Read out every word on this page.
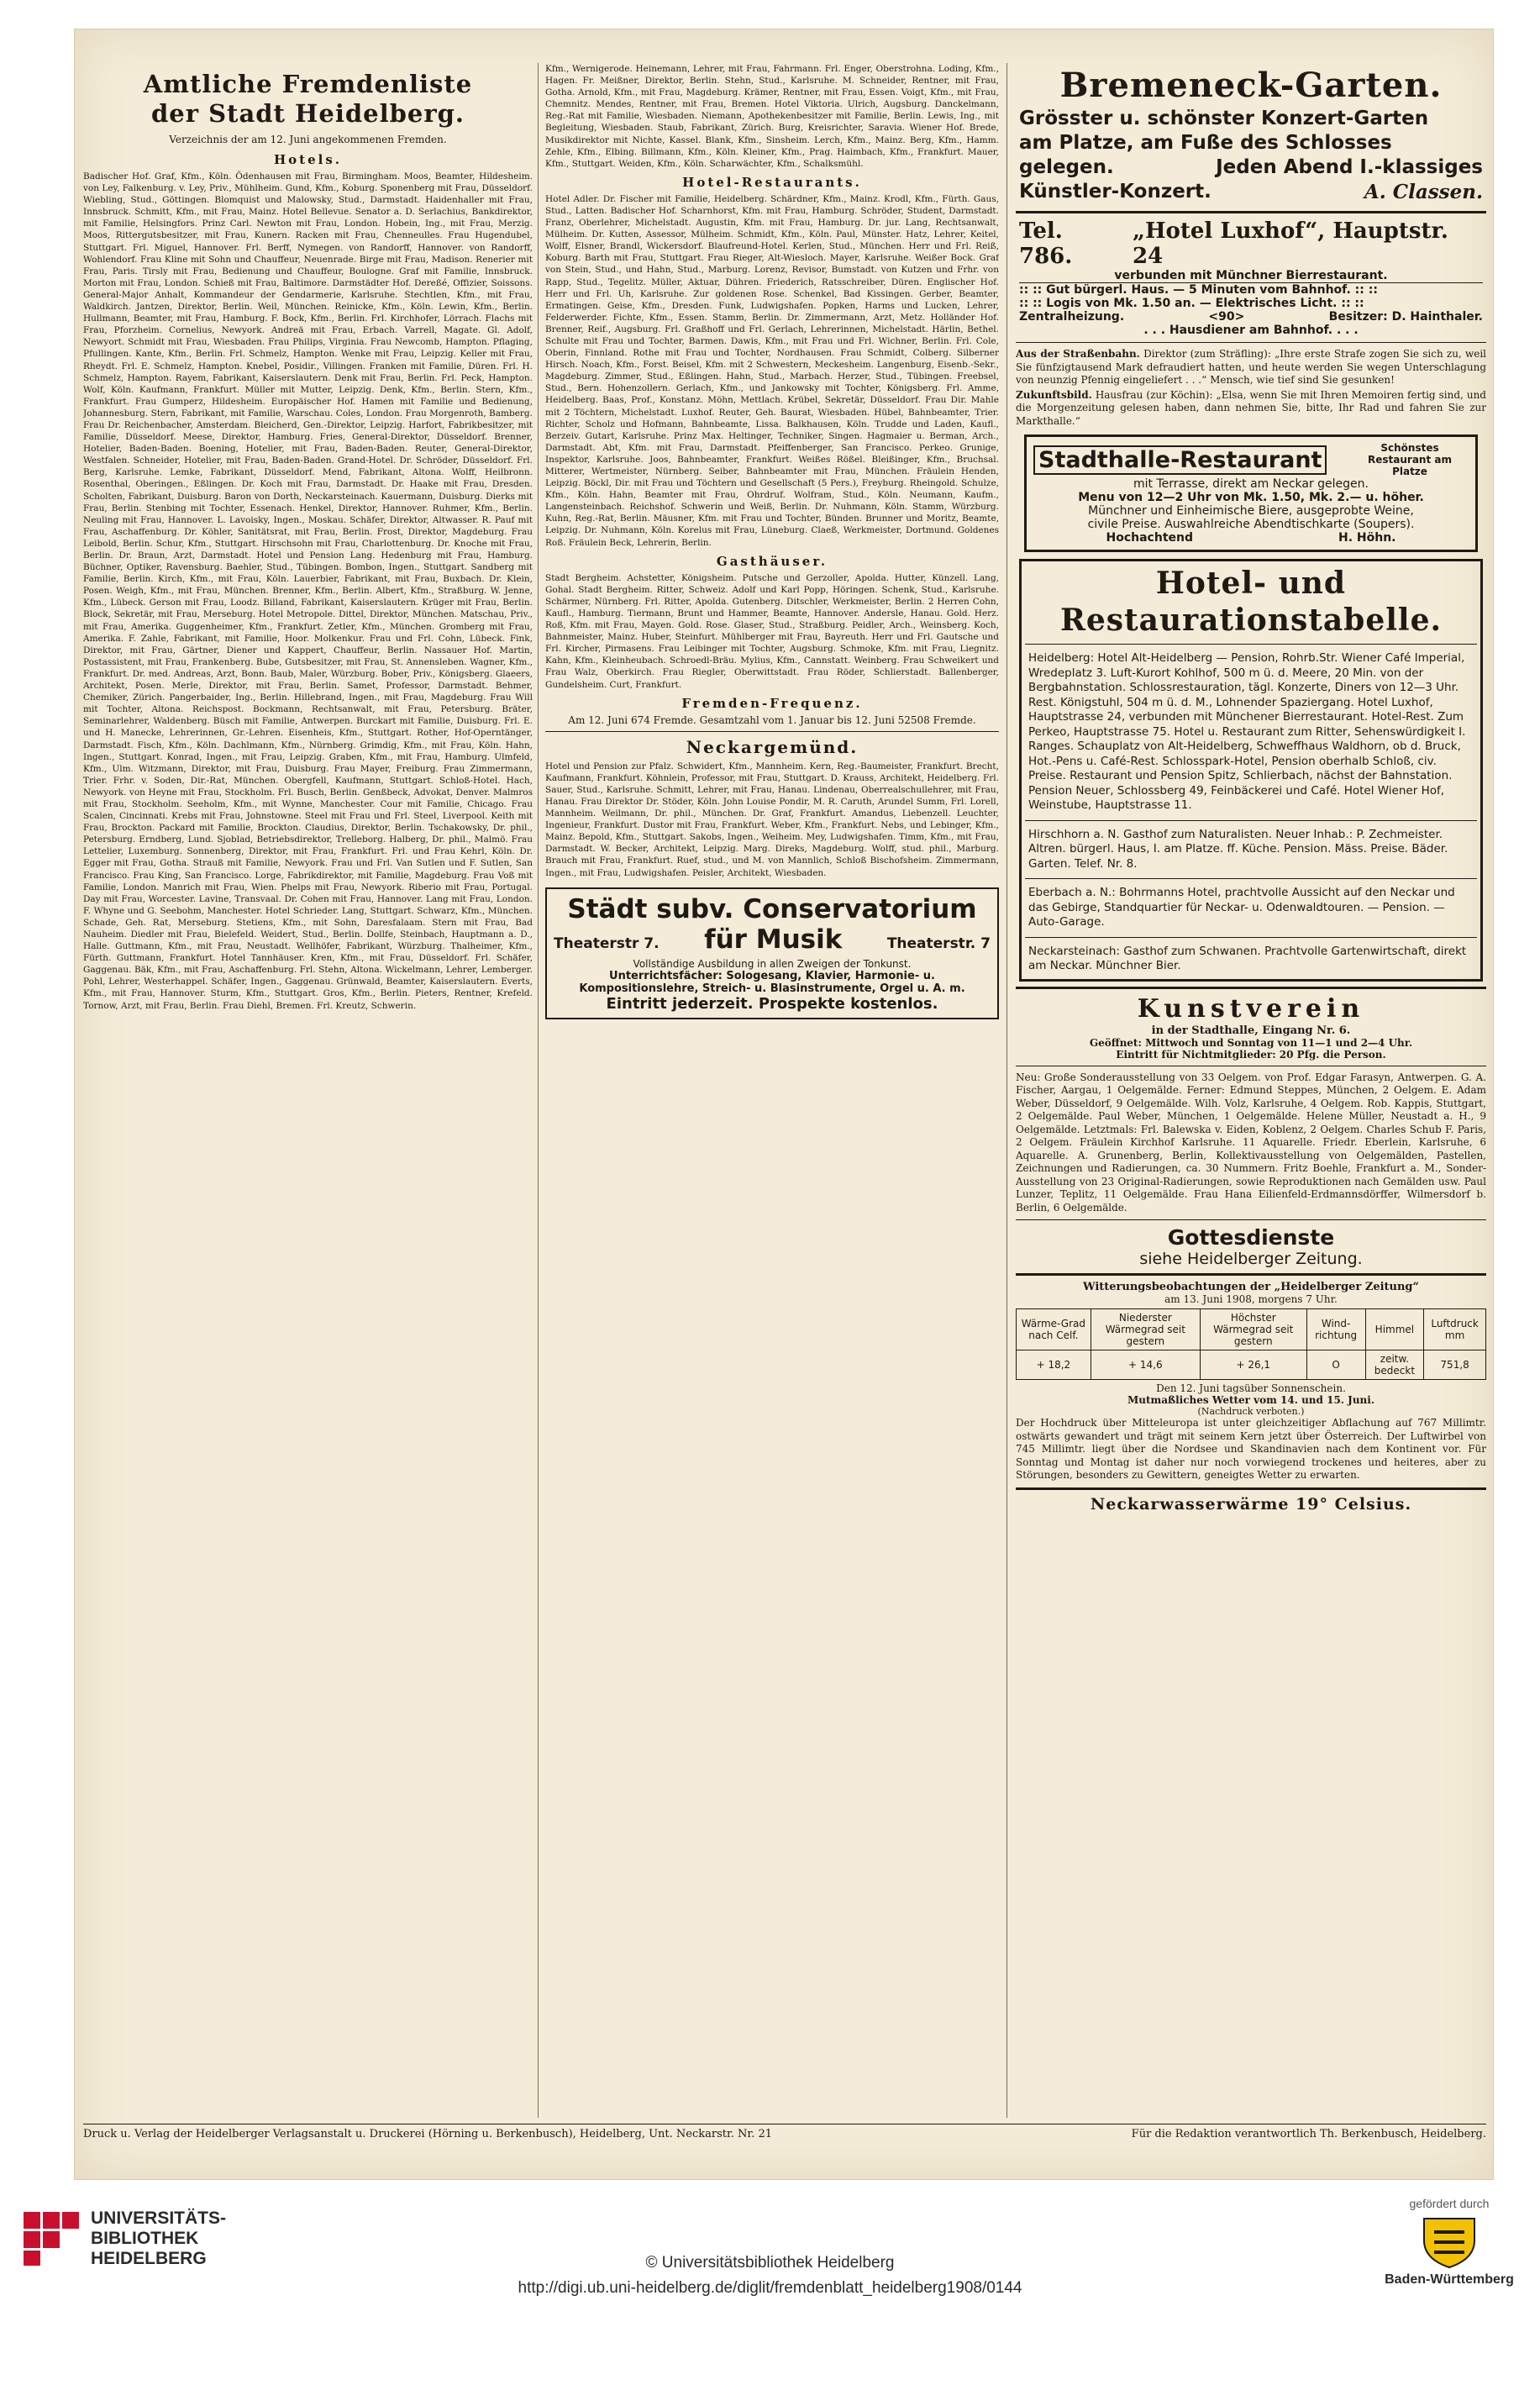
Amtliche Fremdenliste
der Stadt Heidelberg.
Verzeichnis der am 12. Juni angekommenen Fremden.
Hotels.
Badischer Hof. Graf, Kfm., Köln. Ödenhausen mit Frau, Birmingham. Moos, Beamter, Hildesheim. von Ley, Falkenburg. v. Ley, Priv., Mühlheim. Gund, Kfm., Koburg. Sponenberg mit Frau, Düsseldorf. Wiebling, Stud., Göttingen. Blomquist und Malowsky, Stud., Darmstadt. Haidenhaller mit Frau, Innsbruck. Schmitt, Kfm., mit Frau, Mainz. Hotel Bellevue. Senator a. D. Serlachius, Bankdirektor, mit Familie, Helsingfors. Prinz Carl. Newton mit Frau, London. Hobein, Ing., mit Frau, Merzig. Moos, Rittergutsbesitzer, mit Frau, Kunern. Racken mit Frau, Chenneulles. Frau Hugendubel, Stuttgart. Frl. Miguel, Hannover. Frl. Berff, Nymegen. von Randorff, Hannover. von Randorff, Wohlendorf. Frau Kline mit Sohn und Chauffeur, Neuenrade. Birge mit Frau, Madison. Renerier mit Frau, Paris. Tirsly mit Frau, Bedienung und Chauffeur, Boulogne. Graf mit Familie, Innsbruck. Morton mit Frau, London. Schieß mit Frau, Baltimore. Darmstädter Hof. Dereßé, Offizier, Soissons. General-Major Anhalt, Kommandeur der Gendarmerie, Karlsruhe. Stechtlen, Kfm., mit Frau, Waldkirch. Jantzen, Direktor, Berlin. Weil, München. Reinicke, Kfm., Köln. Lewin, Kfm., Berlin. Hullmann, Beamter, mit Frau, Hamburg. F. Bock, Kfm., Berlin. Frl. Kirchhofer, Lörrach. Flachs mit Frau, Pforzheim. Cornelius, Newyork. Andreä mit Frau, Erbach. Varrell, Magate. Gl. Adolf, Newyort. Schmidt mit Frau, Wiesbaden. Frau Philips, Virginia. Frau Newcomb, Hampton. Pflaging, Pfullingen. Kante, Kfm., Berlin. Frl. Schmelz, Hampton. Wenke mit Frau, Leipzig. Keller mit Frau, Rheydt. Frl. E. Schmelz, Hampton. Knebel, Posidir., Villingen. Franken mit Familie, Düren. Frl. H. Schmelz, Hampton. Rayem, Fabrikant, Kaiserslautern. Denk mit Frau, Berlin. Frl. Peck, Hampton. Wolf, Köln. Kaufmann, Frankfurt. Müller mit Mutter, Leipzig. Denk, Kfm., Berlin. Stern, Kfm., Frankfurt. Frau Gumperz, Hildesheim. Europäischer Hof. Hamen mit Familie und Bedienung, Johannesburg. Stern, Fabrikant, mit Familie, Warschau. Coles, London. Frau Morgenroth, Bamberg. Frau Dr. Reichenbacher, Amsterdam. Bleicherd, Gen.-Direktor, Leipzig. Harfort, Fabrikbesitzer, mit Familie, Düsseldorf. Meese, Direktor, Hamburg. Fries, General-Direktor, Düsseldorf. Brenner, Hotelier, Baden-Baden. Boening, Hotelier, mit Frau, Baden-Baden. Reuter, General-Direktor, Westfalen. Schneider, Hotelier, mit Frau, Baden-Baden. Grand-Hotel. Dr. Schröder, Düsseldorf. Frl. Berg, Karlsruhe. Lemke, Fabrikant, Düsseldorf. Mend, Fabrikant, Altona. Wolff, Heilbronn. Rosenthal, Oberingen., Eßlingen. Dr. Koch mit Frau, Darmstadt. Dr. Haake mit Frau, Dresden. Scholten, Fabrikant, Duisburg. Baron von Dorth, Neckarsteinach. Kauermann, Duisburg. Dierks mit Frau, Berlin. Stenbing mit Tochter, Essenach. Henkel, Direktor, Hannover. Ruhmer, Kfm., Berlin. Neuling mit Frau, Hannover. L. Lavoisky, Ingen., Moskau. Schäfer, Direktor, Altwasser. R. Pauf mit Frau, Aschaffenburg. Dr. Köhler, Sanitätsrat, mit Frau, Berlin. Frost, Direktor, Magdeburg. Frau Leibold, Berlin. Schur, Kfm., Stuttgart. Hirschsohn mit Frau, Charlottenburg. Dr. Knoche mit Frau, Berlin. Dr. Braun, Arzt, Darmstadt. Hotel und Pension Lang. Hedenburg mit Frau, Hamburg. Büchner, Optiker, Ravensburg. Baehler, Stud., Tübingen. Bombon, Ingen., Stuttgart. Sandberg mit Familie, Berlin. Kirch, Kfm., mit Frau, Köln. Lauerbier, Fabrikant, mit Frau, Buxbach. Dr. Klein, Posen. Weigh, Kfm., mit Frau, München. Brenner, Kfm., Berlin. Albert, Kfm., Straßburg. W. Jenne, Kfm., Lübeck. Gerson mit Frau, Loodz. Billand, Fabrikant, Kaiserslautern. Krüger mit Frau, Berlin. Block, Sekretär, mit Frau, Merseburg. Hotel Metropole. Dittel, Direktor, München. Matschau, Priv., mit Frau, Amerika. Guggenheimer, Kfm., Frankfurt. Zetler, Kfm., München. Gromberg mit Frau, Amerika. F. Zahle, Fabrikant, mit Familie, Hoor. Molkenkur. Frau und Frl. Cohn, Lübeck. Fink, Direktor, mit Frau, Gärtner, Diener und Kappert, Chauffeur, Berlin. Nassauer Hof. Martin, Postassistent, mit Frau, Frankenberg. Bube, Gutsbesitzer, mit Frau, St. Annensleben. Wagner, Kfm., Frankfurt. Dr. med. Andreas, Arzt, Bonn. Baub, Maler, Würzburg. Bober, Priv., Königsberg. Glaeers, Architekt, Posen. Merle, Direktor, mit Frau, Berlin. Samet, Professor, Darmstadt. Behmer, Chemiker, Zürich. Pangerbaider, Ing., Berlin. Hillebrand, Ingen., mit Frau, Magdeburg. Frau Will mit Tochter, Altona. Reichspost. Bockmann, Rechtsanwalt, mit Frau, Petersburg. Bräter, Seminarlehrer, Waldenberg. Büsch mit Familie, Antwerpen. Burckart mit Familie, Duisburg. Frl. E. und H. Manecke, Lehrerinnen, Gr.-Lehren. Eisenheis, Kfm., Stuttgart. Rother, Hof-Operntänger, Darmstadt. Fisch, Kfm., Köln. Dachlmann, Kfm., Nürnberg. Grimdig, Kfm., mit Frau, Köln. Hahn, Ingen., Stuttgart. Konrad, Ingen., mit Frau, Leipzig. Graben, Kfm., mit Frau, Hamburg. Ulmfeld, Kfm., Ulm. Witzmann, Direktor, mit Frau, Duisburg. Frau Mayer, Freiburg. Frau Zimmermann, Trier. Frhr. v. Soden, Dir.-Rat, München. Obergfell, Kaufmann, Stuttgart. Schloß-Hotel. Hach, Newyork. von Heyne mit Frau, Stockholm. Frl. Busch, Berlin. Genßbeck, Advokat, Denver. Malmros mit Frau, Stockholm. Seeholm, Kfm., mit Wynne, Manchester. Cour mit Familie, Chicago. Frau Scalen, Cincinnati. Krebs mit Frau, Johnstowne. Steel mit Frau und Frl. Steel, Liverpool. Keith mit Frau, Brockton. Packard mit Familie, Brockton. Claudius, Direktor, Berlin. Tschakowsky, Dr. phil., Petersburg. Erndberg, Lund. Sjoblad, Betriebsdirektor, Trelleborg. Halberg, Dr. phil., Malmö. Frau Lettelier, Luxemburg. Sonnenberg, Direktor, mit Frau, Frankfurt. Frl. und Frau Kehrl, Köln. Dr. Egger mit Frau, Gotha. Strauß mit Familie, Newyork. Frau und Frl. Van Sutlen und F. Sutlen, San Francisco. Frau King, San Francisco. Lorge, Fabrikdirektor, mit Familie, Magdeburg. Frau Voß mit Familie, London. Manrich mit Frau, Wien. Phelps mit Frau, Newyork. Riberio mit Frau, Portugal. Day mit Frau, Worcester. Lavine, Transvaal. Dr. Cohen mit Frau, Hannover. Lang mit Frau, London. F. Whyne und G. Seebohm, Manchester. Hotel Schrieder. Lang, Stuttgart. Schwarz, Kfm., München. Schade, Geh. Rat, Merseburg. Stetiens, Kfm., mit Sohn, Daresfalaam. Stern mit Frau, Bad Nauheim. Diedler mit Frau, Bielefeld. Weidert, Stud., Berlin. Dollfe, Steinbach, Hauptmann a. D., Halle. Guttmann, Kfm., mit Frau, Neustadt. Wellhöfer, Fabrikant, Würzburg. Thalheimer, Kfm., Fürth. Guttmann, Frankfurt. Hotel Tannhäuser. Kren, Kfm., mit Frau, Düsseldorf. Frl. Schäfer, Gaggenau. Bäk, Kfm., mit Frau, Aschaffenburg. Frl. Stehn, Altona. Wickelmann, Lehrer, Lemberger. Pohl, Lehrer, Westerhappel. Schäfer, Ingen., Gaggenau. Grünwald, Beamter, Kaiserslautern. Everts, Kfm., mit Frau, Hannover. Sturm, Kfm., Stuttgart. Gros, Kfm., Berlin. Pieters, Rentner, Krefeld. Tornow, Arzt, mit Frau, Berlin. Frau Diehl, Bremen. Frl. Kreutz, Schwerin.
Kfm., Wernigerode. Heinemann, Lehrer, mit Frau, Fahrmann. Frl. Enger, Oberstrohna. Loding, Kfm., Hagen. Fr. Meißner, Direktor, Berlin. Stehn, Stud., Karlsruhe. M. Schneider, Rentner, mit Frau, Gotha. Arnold, Kfm., mit Frau, Magdeburg. Krämer, Rentner, mit Frau, Essen. Voigt, Kfm., mit Frau, Chemnitz. Mendes, Rentner, mit Frau, Bremen. Hotel Viktoria. Ulrich, Augsburg. Danckelmann, Reg.-Rat mit Familie, Wiesbaden. Niemann, Apothekenbesitzer mit Familie, Berlin. Lewis, Ing., mit Begleitung, Wiesbaden. Staub, Fabrikant, Zürich. Burg, Kreisrichter, Saravia. Wiener Hof. Brede, Musikdirektor mit Nichte, Kassel. Blank, Kfm., Sinsheim. Lerch, Kfm., Mainz. Berg, Kfm., Hamm. Zehle, Kfm., Elbing. Billmann, Kfm., Köln. Kleiner, Kfm., Prag. Haimbach, Kfm., Frankfurt. Mauer, Kfm., Stuttgart. Weiden, Kfm., Köln. Scharwächter, Kfm., Schalksmühl.
Hotel-Restaurants.
Hotel Adler. Dr. Fischer mit Familie, Heidelberg. Schärdner, Kfm., Mainz. Krodl, Kfm., Fürth. Gaus, Stud., Latten. Badischer Hof. Scharnhorst, Kfm. mit Frau, Hamburg. Schröder, Student, Darmstadt. Franz, Oberlehrer, Michelstadt. Augustin, Kfm. mit Frau, Hamburg. Dr. jur. Lang, Rechtsanwalt, Mülheim. Dr. Kutten, Assessor, Mülheim. Schmidt, Kfm., Köln. Paul, Münster. Hatz, Lehrer, Keitel, Wolff, Elsner, Brandl, Wickersdorf. Blaufreund-Hotel. Kerlen, Stud., München. Herr und Frl. Reiß, Koburg. Barth mit Frau, Stuttgart. Frau Rieger, Alt-Wiesloch. Mayer, Karlsruhe. Weißer Bock. Graf von Stein, Stud., und Hahn, Stud., Marburg. Lorenz, Revisor, Bumstadt. von Kutzen und Frhr. von Rapp, Stud., Tegelitz. Müller, Aktuar, Dühren. Friederich, Ratsschreiber, Düren. Englischer Hof. Herr und Frl. Uh, Karlsruhe. Zur goldenen Rose. Schenkel, Bad Kissingen. Gerber, Beamter, Ermatingen. Geise, Kfm., Dresden. Funk, Ludwigshafen. Popken, Harms und Lucken, Lehrer, Felderwerder. Fichte, Kfm., Essen. Stamm, Berlin. Dr. Zimmermann, Arzt, Metz. Holländer Hof. Brenner, Reif., Augsburg. Frl. Graßhoff und Frl. Gerlach, Lehrerinnen, Michelstadt. Härlin, Bethel. Schulte mit Frau und Tochter, Barmen. Dawis, Kfm., mit Frau und Frl. Wichner, Berlin. Frl. Cole, Oberin, Finnland. Rothe mit Frau und Tochter, Nordhausen. Frau Schmidt, Colberg. Silberner Hirsch. Noach, Kfm., Forst. Beisel, Kfm. mit 2 Schwestern, Meckesheim. Langenburg, Eisenb.-Sekr., Magdeburg. Zimmer, Stud., Eßlingen. Hahn, Stud., Marbach. Herzer, Stud., Tübingen. Freebsel, Stud., Bern. Hohenzollern. Gerlach, Kfm., und Jankowsky mit Tochter, Königsberg. Frl. Amme, Heidelberg. Baas, Prof., Konstanz. Möhn, Mettlach. Krübel, Sekretär, Düsseldorf. Frau Dir. Mahle mit 2 Töchtern, Michelstadt. Luxhof. Reuter, Geh. Baurat, Wiesbaden. Hübel, Bahnbeamter, Trier. Richter, Scholz und Hofmann, Bahnbeamte, Lissa. Balkhausen, Köln. Trudde und Laden, Kaufl., Berzeiv. Gutart, Karlsruhe. Prinz Max. Heltinger, Techniker, Singen. Hagmaier u. Berman, Arch., Darmstadt. Abt, Kfm. mit Frau, Darmstadt. Pfeiffenberger, San Francisco. Perkeo. Grunige, Inspektor, Karlsruhe. Joos, Bahnbeamter, Frankfurt. Weißes Rößel. Bleißinger, Kfm., Bruchsal. Mitterer, Wertmeister, Nürnberg. Seiber, Bahnbeamter mit Frau, München. Fräulein Henden, Leipzig. Böckl, Dir. mit Frau und Töchtern und Gesellschaft (5 Pers.), Freyburg. Rheingold. Schulze, Kfm., Köln. Hahn, Beamter mit Frau, Ohrdruf. Wolfram, Stud., Köln. Neumann, Kaufm., Langensteinbach. Reichshof. Schwerin und Weiß, Berlin. Dr. Nuhmann, Köln. Stamm, Würzburg. Kuhn, Reg.-Rat, Berlin. Mäusner, Kfm. mit Frau und Tochter, Bünden. Brunner und Moritz, Beamte, Leipzig. Dr. Nuhmann, Köln. Korelus mit Frau, Lüneburg. Claeß, Werkmeister, Dortmund. Goldenes Roß. Fräulein Beck, Lehrerin, Berlin.
Gasthäuser.
Stadt Bergheim. Achstetter, Königsheim. Putsche und Gerzoller, Apolda. Hutter, Künzell. Lang, Gohal. Stadt Bergheim. Ritter, Schweiz. Adolf und Karl Popp, Höringen. Schenk, Stud., Karlsruhe. Schärmer, Nürnberg. Frl. Ritter, Apolda. Gutenberg. Ditschler, Werkmeister, Berlin. 2 Herren Cohn, Kaufl., Hamburg. Tiermann, Brunt und Hammer, Beamte, Hannover. Andersle, Hanau. Gold. Herz. Roß, Kfm. mit Frau, Mayen. Gold. Rose. Glaser, Stud., Straßburg. Peidler, Arch., Weinsberg. Koch, Bahnmeister, Mainz. Huber, Steinfurt. Mühlberger mit Frau, Bayreuth. Herr und Frl. Gautsche und Frl. Kircher, Pirmasens. Frau Leibinger mit Tochter, Augsburg. Schmoke, Kfm. mit Frau, Liegnitz. Kahn, Kfm., Kleinheubach. Schroedl-Bräu. Mylius, Kfm., Cannstatt. Weinberg. Frau Schweikert und Frau Walz, Oberkirch. Frau Riegler, Oberwittstadt. Frau Röder, Schlierstadt. Ballenberger, Gundelsheim. Curt, Frankfurt.
Fremden-Frequenz.
Am 12. Juni 674 Fremde. Gesamtzahl vom 1. Januar bis 12. Juni 52508 Fremde.
Neckargemünd.
Hotel und Pension zur Pfalz. Schwidert, Kfm., Mannheim. Kern, Reg.-Baumeister, Frankfurt. Brecht, Kaufmann, Frankfurt. Köhnlein, Professor, mit Frau, Stuttgart. D. Krauss, Architekt, Heidelberg. Frl. Sauer, Stud., Karlsruhe. Schmitt, Lehrer, mit Frau, Hanau. Lindenau, Oberrealschullehrer, mit Frau, Hanau. Frau Direktor Dr. Stöder, Köln. John Louise Pondir, M. R. Caruth, Arundel Summ, Frl. Lorell, Mannheim. Weilmann, Dr. phil., München. Dr. Graf, Frankfurt. Amandus, Liebenzell. Leuchter, Ingenieur, Frankfurt. Dustor mit Frau, Frankfurt. Weber, Kfm., Frankfurt. Nebs, und Lebinger, Kfm., Mainz. Bepold, Kfm., Stuttgart. Sakobs, Ingen., Weiheim. Mey, Ludwigshafen. Timm, Kfm., mit Frau, Darmstadt. W. Becker, Architekt, Leipzig. Marg. Direks, Magdeburg. Wolff, stud. phil., Marburg. Brauch mit Frau, Frankfurt. Ruef, stud., und M. von Mannlich, Schloß Bischofsheim. Zimmermann, Ingen., mit Frau, Ludwigshafen. Peisler, Architekt, Wiesbaden.
Städt subv. Conservatorium
Theaterstr 7. für Musik	Theaterstr. 7
Vollständige Ausbildung in allen Zweigen der Tonkunst.
Unterrichtsfächer: Sologesang, Klavier, Harmonie- u. Kompositionslehre, Streich- u. Blasinstrumente, Orgel u. A. m.
Eintritt jederzeit. Prospekte kostenlos.
Bremeneck-Garten.
Grösster u. schönster Konzert-Garten
am Platze, am Fuße des Schlosses
gelegen.	Jeden Abend I.-klassiges
Künstler-Konzert.	A. Classen.
Tel. 786.
„Hotel Luxhof“, Hauptstr. 24
verbunden mit Münchner Bierrestaurant.
:: :: Gut bürgerl. Haus. — 5 Minuten vom Bahnhof. :: ::
:: :: Logis von Mk. 1.50 an. — Elektrisches Licht. :: ::
Zentralheizung.	<90>	Besitzer: D. Hainthaler.
. . . Hausdiener am Bahnhof. . . .
Aus der Straßenbahn. Direktor (zum Sträfling): „Ihre erste Strafe zogen Sie sich zu, weil Sie fünfzigtausend Mark defraudiert hatten, und heute werden Sie wegen Unterschlagung von neunzig Pfennig eingeliefert . . .“ Mensch, wie tief sind Sie gesunken!
Zukunftsbild. Hausfrau (zur Köchin): „Elsa, wenn Sie mit Ihren Memoiren fertig sind, und die Morgenzeitung gelesen haben, dann nehmen Sie, bitte, Ihr Rad und fahren Sie zur Markthalle.“
Stadthalle-Restaurant	Schönstes Restaurant am Platze
mit Terrasse, direkt am Neckar gelegen.
Menu von 12—2 Uhr von Mk. 1.50, Mk. 2.— u. höher.
Münchner und Einheimische Biere, ausgeprobte Weine,
civile Preise. Auswahlreiche Abendtischkarte (Soupers).
Hochachtend	H. Höhn.
Hotel- und
Restaurationstabelle.
Heidelberg: Hotel Alt-Heidelberg — Pension, Rohrb.Str. Wiener Café Imperial, Wredeplatz 3. Luft-Kurort Kohlhof, 500 m ü. d. Meere, 20 Min. von der Bergbahnstation. Schlossrestauration, tägl. Konzerte, Diners von 12—3 Uhr. Rest. Königstuhl, 504 m ü. d. M., Lohnender Spaziergang. Hotel Luxhof, Hauptstrasse 24, verbunden mit Münchener Bierrestaurant. Hotel-Rest. Zum Perkeo, Hauptstrasse 75. Hotel u. Restaurant zum Ritter, Sehenswürdigkeit I. Ranges. Schauplatz von Alt-Heidelberg, Schweffhaus Waldhorn, ob d. Bruck, Hot.-Pens u. Café-Rest. Schlosspark-Hotel, Pension oberhalb Schloß, civ. Preise. Restaurant und Pension Spitz, Schlierbach, nächst der Bahnstation. Pension Neuer, Schlossberg 49, Feinbäckerei und Café. Hotel Wiener Hof, Weinstube, Hauptstrasse 11.
Hirschhorn a. N. Gasthof zum Naturalisten. Neuer Inhab.: P. Zechmeister. Altren. bürgerl. Haus, I. am Platze. ff. Küche. Pension. Mäss. Preise. Bäder. Garten. Telef. Nr. 8.
Eberbach a. N.: Bohrmanns Hotel, prachtvolle Aussicht auf den Neckar und das Gebirge, Standquartier für Neckar- u. Odenwaldtouren. — Pension. — Auto-Garage.
Neckarsteinach: Gasthof zum Schwanen. Prachtvolle Gartenwirtschaft, direkt am Neckar. Münchner Bier.
Kunstverein
in der Stadthalle, Eingang Nr. 6.
Geöffnet: Mittwoch und Sonntag von 11—1 und 2—4 Uhr.
Eintritt für Nichtmitglieder: 20 Pfg. die Person.
Neu: Große Sonderausstellung von 33 Oelgem. von Prof. Edgar Farasyn, Antwerpen. G. A. Fischer, Aargau, 1 Oelgemälde. Ferner: Edmund Steppes, München, 2 Oelgem. E. Adam Weber, Düsseldorf, 9 Oelgemälde. Wilh. Volz, Karlsruhe, 4 Oelgem. Rob. Kappis, Stuttgart, 2 Oelgemälde. Paul Weber, München, 1 Oelgemälde. Helene Müller, Neustadt a. H., 9 Oelgemälde. Letztmals: Frl. Balewska v. Eiden, Koblenz, 2 Oelgem. Charles Schub F. Paris, 2 Oelgem. Fräulein Kirchhof Karlsruhe. 11 Aquarelle. Friedr. Eberlein, Karlsruhe, 6 Aquarelle. A. Grunenberg, Berlin, Kollektivausstellung von Oelgemälden, Pastellen, Zeichnungen und Radierungen, ca. 30 Nummern. Fritz Boehle, Frankfurt a. M., Sonder-Ausstellung von 23 Original-Radierungen, sowie Reproduktionen nach Gemälden usw. Paul Lunzer, Teplitz, 11 Oelgemälde. Frau Hana Eilienfeld-Erdmannsdörffer, Wilmersdorf b. Berlin, 6 Oelgemälde.
Gottesdienste
siehe Heidelberger Zeitung.
Witterungsbeobachtungen der „Heidelberger Zeitung“
am 13. Juni 1908, morgens 7 Uhr.
Wärme-Grad nach Celf.	Niederster Wärmegrad seit gestern	Höchster Wärmegrad seit gestern	Wind-richtung	Himmel	Luftdruck mm
+ 18,2	+ 14,6	+ 26,1	O	zeitw. bedeckt	751,8
Den 12. Juni tagsüber Sonnenschein.
Mutmaßliches Wetter vom 14. und 15. Juni.
(Nachdruck verboten.)
Der Hochdruck über Mitteleuropa ist unter gleichzeitiger Abflachung auf 767 Millimtr. ostwärts gewandert und trägt mit seinem Kern jetzt über Österreich. Der Luftwirbel von 745 Millimtr. liegt über die Nordsee und Skandinavien nach dem Kontinent vor. Für Sonntag und Montag ist daher nur noch vorwiegend trockenes und heiteres, aber zu Störungen, besonders zu Gewittern, geneigtes Wetter zu erwarten.
Neckarwasserwärme 19° Celsius.
Druck u. Verlag der Heidelberger Verlagsanstalt u. Druckerei (Hörning u. Berkenbusch), Heidelberg, Unt. Neckarstr. Nr. 21	Für die Redaktion verantwortlich Th. Berkenbusch, Heidelberg.
UNIVERSITÄTS-
BIBLIOTHEK
HEIDELBERG	© Universitätsbibliothek Heidelberg
http://digi.ub.uni-heidelberg.de/diglit/fremdenblatt_heidelberg1908/0144
gefördert durch
Baden-Württemberg
